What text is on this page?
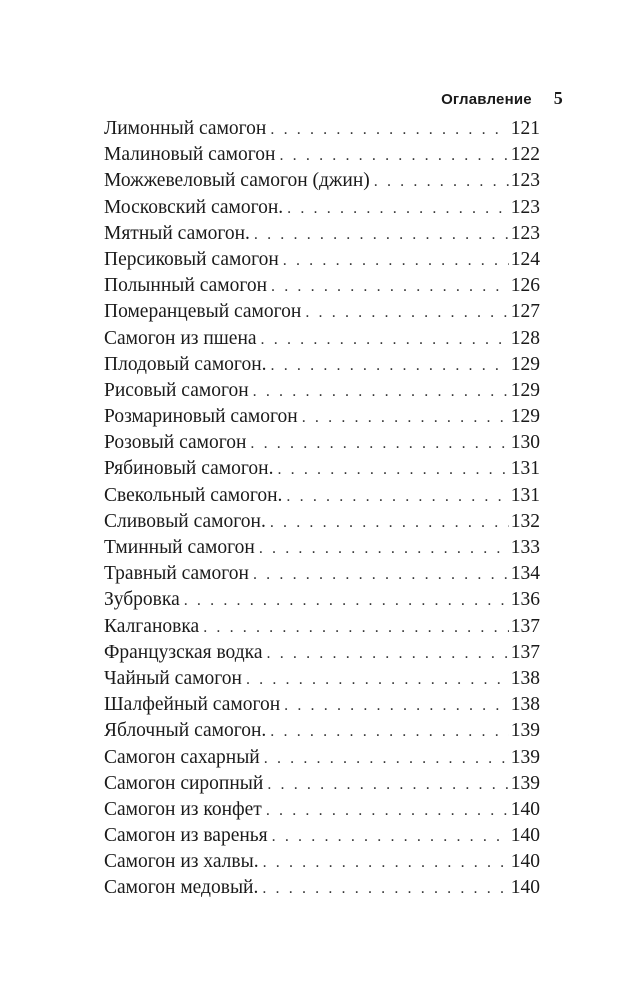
Оглавление 5
Лимонный самогон . . .	121
Малиновый самогон . . .	122
Можжевеловый самогон (джин) . . .	123
Московский самогон. . . .	123
Мятный самогон. . . .	123
Персиковый самогон . . .	124
Полынный самогон . . .	126
Померанцевый самогон . . .	127
Самогон из пшена . . .	128
Плодовый самогон. . . .	129
Рисовый самогон . . .	129
Розмариновый самогон . . .	129
Розовый самогон . . .	130
Рябиновый самогон. . . .	131
Свекольный самогон. . . .	131
Сливовый самогон. . . .	132
Тминный самогон . . .	133
Травный самогон . . .	134
Зубровка . . .	136
Калгановка . . .	137
Французская водка . . .	137
Чайный самогон . . .	138
Шалфейный самогон . . .	138
Яблочный самогон. . . .	139
Самогон сахарный . . .	139
Самогон сиропный . . .	139
Самогон из конфет . . .	140
Самогон из варенья . . .	140
Самогон из халвы. . . .	140
Самогон медовый. . . .	140
